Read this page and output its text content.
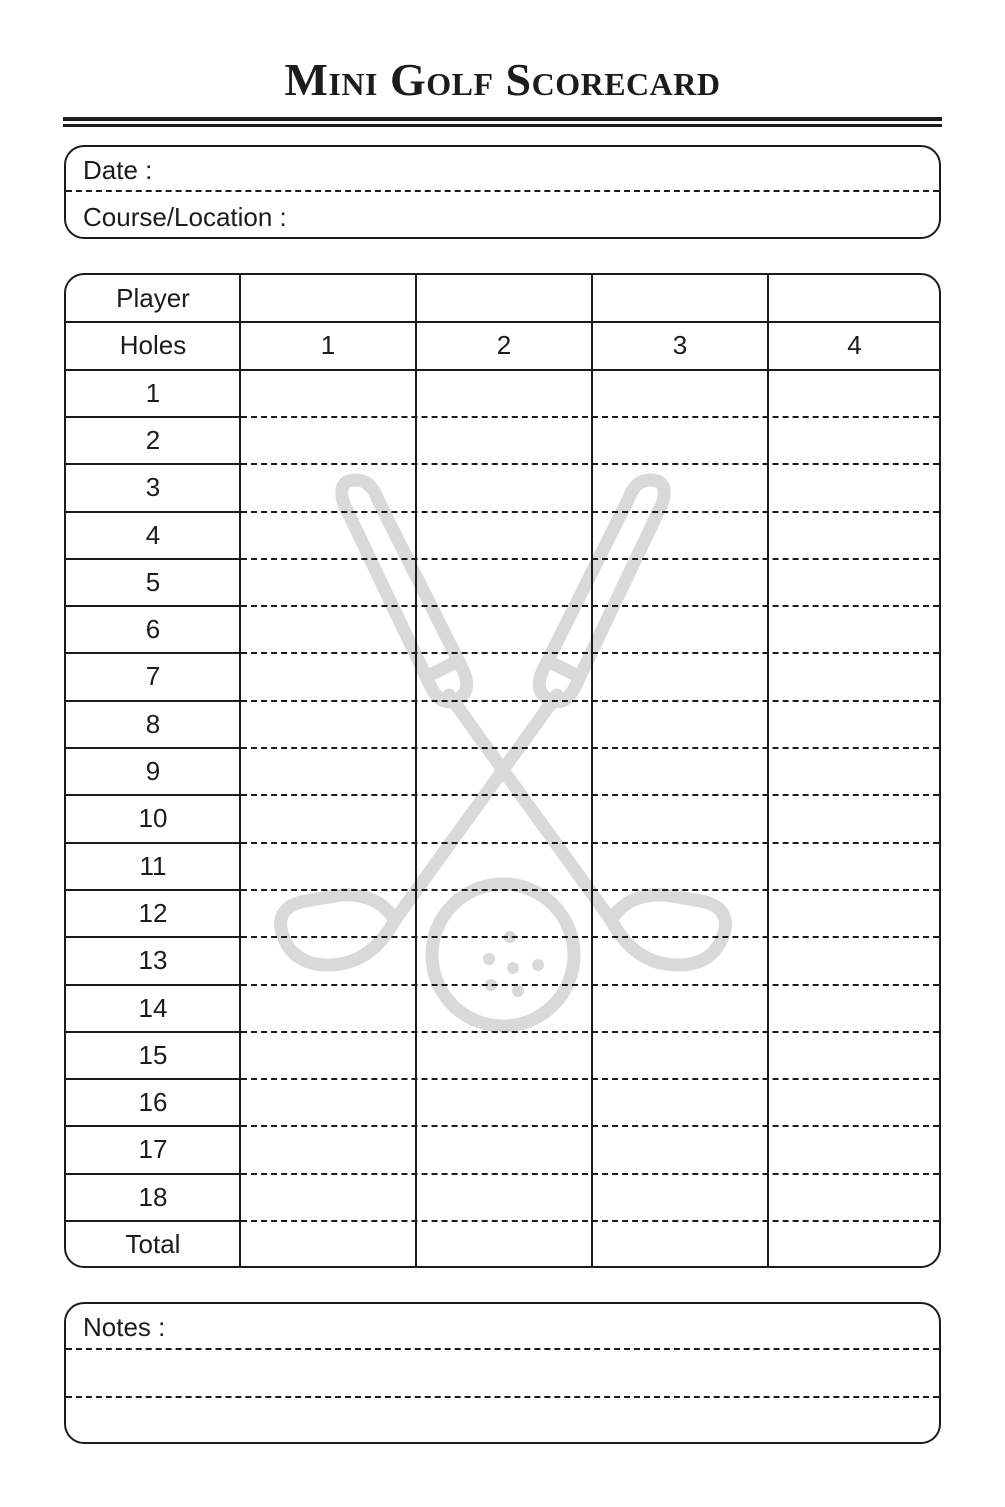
Mini Golf Scorecard
Date :
Course/Location :
Player
Holes	1	2	3	4
1
2
3
4
5
6
7
8
9
10
11
12
13
14
15
16
17
18
Total
Notes :
